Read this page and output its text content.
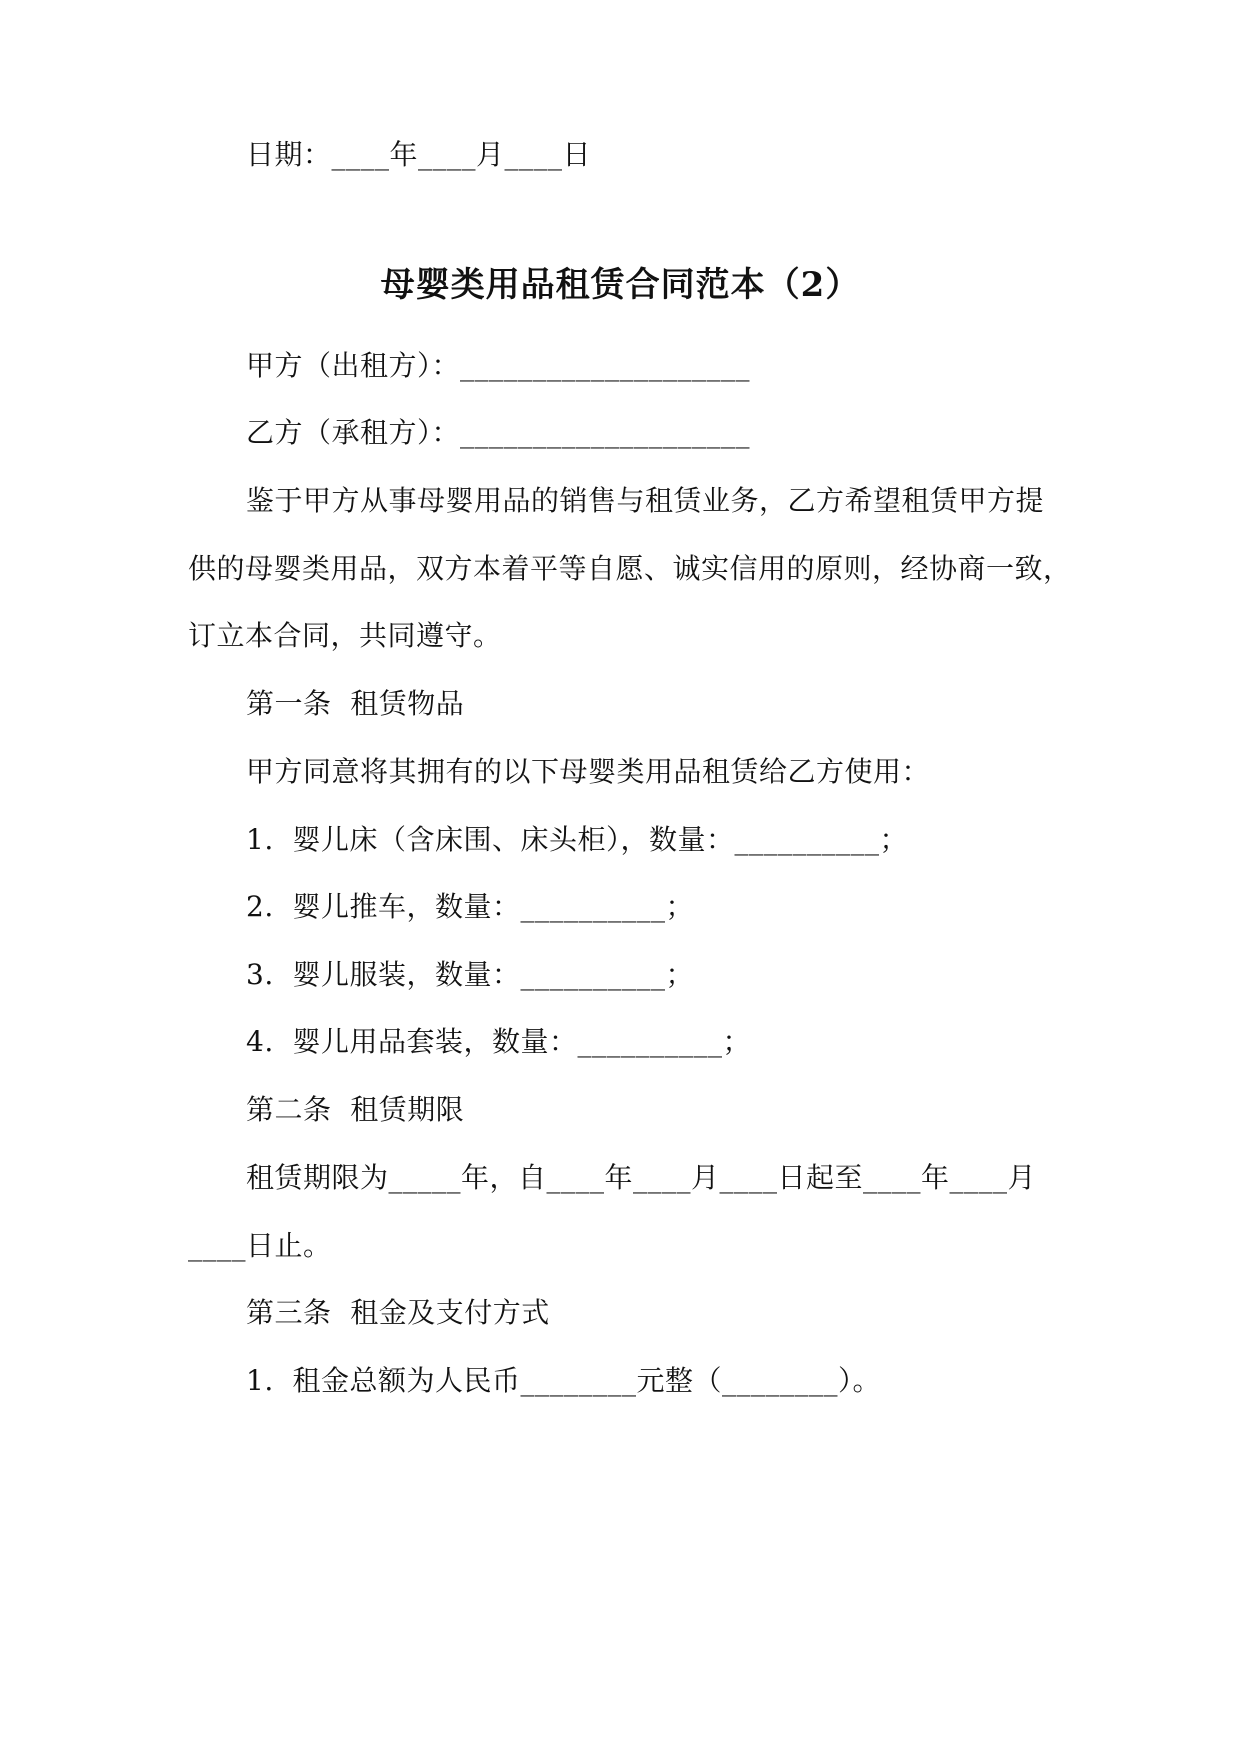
日期：____年____月____日
母婴类用品租赁合同范本（2）
甲方（出租方）：____________________
乙方（承租方）：____________________
鉴于甲方从事母婴用品的销售与租赁业务，乙方希望租赁甲方提
供的母婴类用品，双方本着平等自愿、诚实信用的原则，经协商一致，
订立本合同，共同遵守。
第一条  租赁物品
甲方同意将其拥有的以下母婴类用品租赁给乙方使用：
1.  婴儿床（含床围、床头柜），数量：__________；
2.  婴儿推车，数量：__________；
3.  婴儿服装，数量：__________；
4.  婴儿用品套装，数量：__________；
第二条  租赁期限
租赁期限为_____年，自____年____月____日起至____年____月
____日止。
第三条  租金及支付方式
1.  租金总额为人民币________元整（________）。
